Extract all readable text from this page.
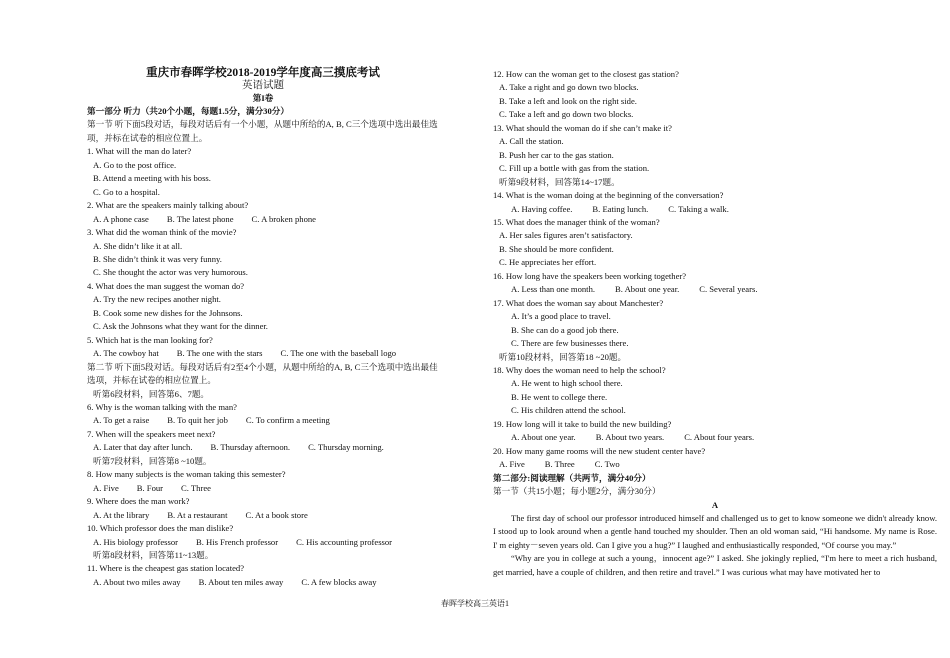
重庆市春晖学校2018-2019学年度高三摸底考试
英语试题
第I卷
第一部分 听力（共20个小题，每题1.5分，满分30分）
第一节 听下面5段对话，每段对话后有一个小题，从题中所给的A, B, C三个选项中选出最佳选项，并标在试卷的相应位置上。
1. What will the man do later?
A. Go to the post office.
B. Attend a meeting with his boss.
C. Go to a hospital.
2. What are the speakers mainly talking about?
A. A phone case B. The latest phone C. A broken phone
3. What did the woman think of the movie?
A. She didn’t like it at all.
B. She didn’t think it was very funny.
C. She thought the actor was very humorous.
4. What does the man suggest the woman do?
A. Try the new recipes another night.
B. Cook some new dishes for the Johnsons.
C. Ask the Johnsons what they want for the dinner.
5. Which hat is the man looking for?
A. The cowboy hat B. The one with the stars C. The one with the baseball logo
第二节 听下面5段对话。每段对话后有2至4个小题，从题中所给的A, B, C三个选项中选出最佳选项，并标在试卷的相应位置上。
听第6段材料，回答第6、7题。
6. Why is the woman talking with the man?
A. To get a raise B. To quit her job C. To confirm a meeting
7. When will the speakers meet next?
A. Later that day after lunch. B. Thursday afternoon. C. Thursday morning.
听第7段材料，回答第8 ~10题。
8. How many subjects is the woman taking this semester?
A. Five B. Four C. Three
9. Where does the man work?
A. At the library B. At a restaurant C. At a book store
10. Which professor does the man dislike?
A. His biology professor B. His French professor C. His accounting professor
听第8段材料，回答第11~13题。
11. Where is the cheapest gas station located?
A. About two miles away B. About ten miles away C. A few blocks away
12. How can the woman get to the closest gas station?
A. Take a right and go down two blocks.
B. Take a left and look on the right side.
C. Take a left and go down two blocks.
13. What should the woman do if she can’t make it?
A. Call the station.
B. Push her car to the gas station.
C. Fill up a bottle with gas from the station.
听第9段材料，回答第14~17题。
14. What is the woman doing at the beginning of the conversation?
A. Having coffee. B. Eating lunch. C. Taking a walk.
15. What does the manager think of the woman?
A. Her sales figures aren’t satisfactory.
B. She should be more confident.
C. He appreciates her effort.
16. How long have the speakers been working together?
A. Less than one month. B. About one year. C. Several years.
17. What does the woman say about Manchester?
A. It’s a good place to travel.
B. She can do a good job there.
C. There are few businesses there.
听第10段材料，回答第18 ~20题。
18. Why does the woman need to help the school?
A. He went to high school there.
B. He went to college there.
C. His children attend the school.
19. How long will it take to build the new building?
A. About one year. B. About two years. C. About four years.
20. How many game rooms will the new student center have?
A. Five B. Three C. Two
第二部分:阅读理解（共两节，满分40分）
第一节（共15小题；每小题2分，满分30分）
A
The first day of school our professor introduced himself and challenged us to get to know someone we didn't already know. I stood up to look around when a gentle hand touched my shoulder. Then an old woman said, “Hi handsome. My name is Rose. I' m eighty－seven years old. Can I give you a hug?” I laughed and enthusiastically responded, “Of course you may.”
“Why are you in college at such a young，innocent age?” I asked. She jokingly replied, “I'm here to meet a rich husband, get married, have a couple of children, and then retire and travel.” I was curious what may have motivated her to
春晖学校高三英语1
